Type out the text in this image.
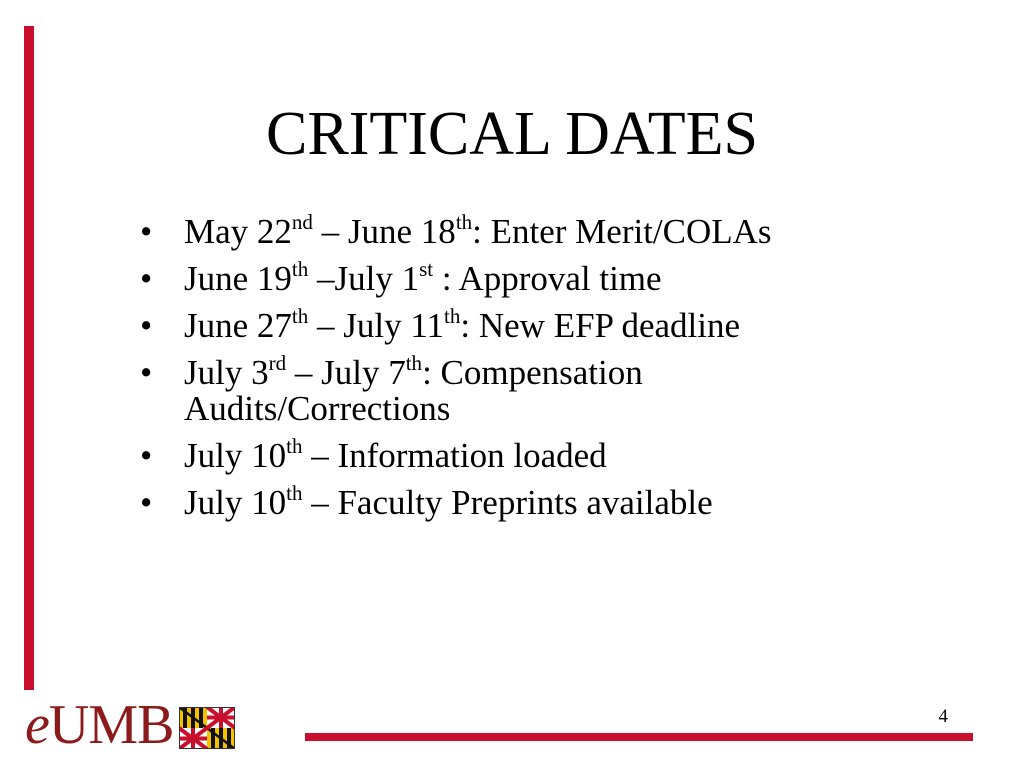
CRITICAL DATES
• May 22nd – June 18th: Enter Merit/COLAs
• June 19th –July 1st : Approval time
• June 27th – July 11th: New EFP deadline
• July 3rd – July 7th: Compensation
Audits/Corrections
• July 10th – Information loaded
• July 10th – Faculty Preprints available
eUMB	4
